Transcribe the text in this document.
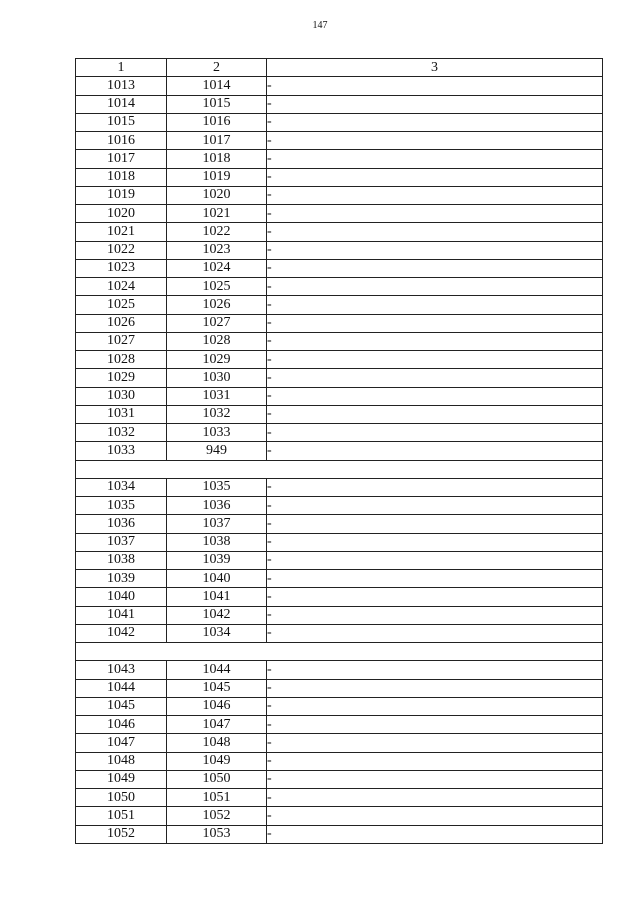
147
1	2	3
1013	1014	-
1014	1015	-
1015	1016	-
1016	1017	-
1017	1018	-
1018	1019	-
1019	1020	-
1020	1021	-
1021	1022	-
1022	1023	-
1023	1024	-
1024	1025	-
1025	1026	-
1026	1027	-
1027	1028	-
1028	1029	-
1029	1030	-
1030	1031	-
1031	1032	-
1032	1033	-
1033	949	-

1034	1035	-
1035	1036	-
1036	1037	-
1037	1038	-
1038	1039	-
1039	1040	-
1040	1041	-
1041	1042	-
1042	1034	-

1043	1044	-
1044	1045	-
1045	1046	-
1046	1047	-
1047	1048	-
1048	1049	-
1049	1050	-
1050	1051	-
1051	1052	-
1052	1053	-
